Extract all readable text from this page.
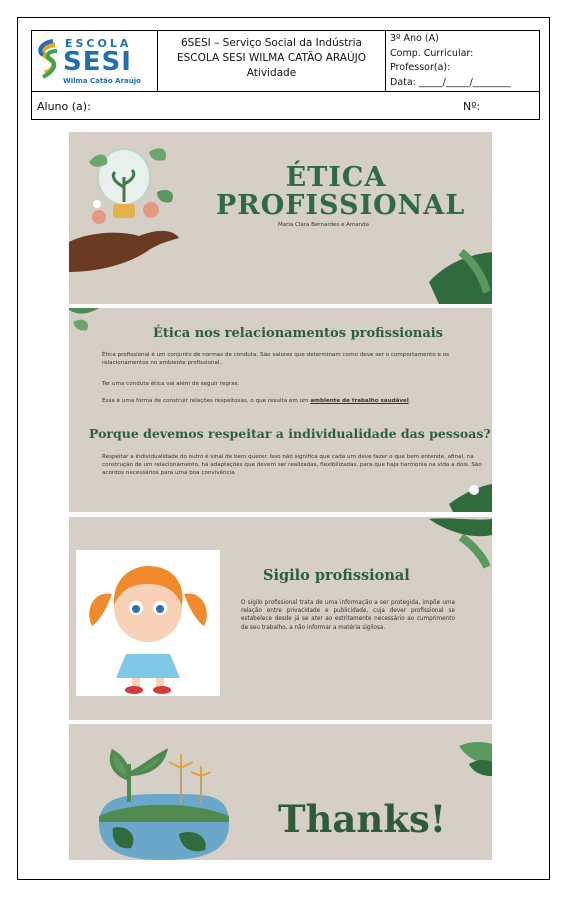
ESCOLA
SESI
Wilma Catão Araújo
6SESI – Serviço Social da Indústria
ESCOLA SESI WILMA CATÃO ARAÚJO
Atividade
3º Ano (A)
Comp. Curricular:
Professor(a):
Data: _____/_____/________
Aluno (a):	Nº:
ÉTICA
PROFISSIONAL
Maria Clara Bernardes e Amanda
Ética nos relacionamentos profissionais
Ética profissional é um conjunto de normas de conduta. São valores que determinam como deve ser o comportamento e os relacionamentos no ambiente profissional.
Ter uma conduta ética vai além de seguir regras.
Essa é uma forma de construir relações respeitosas, o que resulta em um ambiente de trabalho saudável.
Porque devemos respeitar a individualidade das pessoas?
Respeitar a individualidade do outro é sinal de bem querer. Isso não significa que cada um deve fazer o que bem entende, afinal, na construção de um relacionamento, há adaptações que devem ser realizadas, flexibilizadas, para que haja harmonia na vida a dois. São acordos necessários para uma boa convivência
Sigilo profissional
O sigilo profissional trata de uma informação a ser protegida, impõe uma relação entre privacidade e publicidade, cuja dever profissional se estabelece desde já se ater ao estritamente necessário ao cumprimento de seu trabalho, a não informar a matéria sigilosa.
Thanks!
